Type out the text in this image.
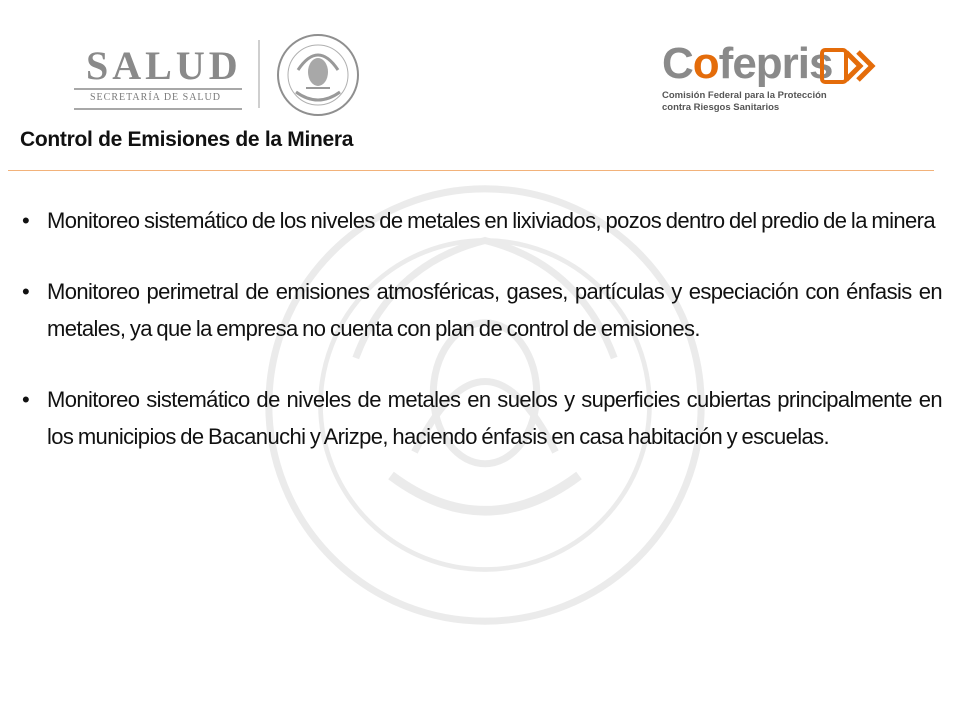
SALUD
SECRETARÍA DE SALUD
Cofepris
Comisión Federal para la Protección
contra Riesgos Sanitarios
Control de Emisiones de la Minera
• Monitoreo sistemático de los niveles de metales en lixiviados, pozos dentro del predio de la minera
• Monitoreo perimetral de emisiones atmosféricas, gases, partículas y especiación con énfasis en metales, ya que la empresa no cuenta con plan de control de emisiones.
• Monitoreo sistemático de niveles de metales en suelos y superficies cubiertas principalmente en los municipios de Bacanuchi y Arizpe, haciendo énfasis en casa habitación y escuelas.
